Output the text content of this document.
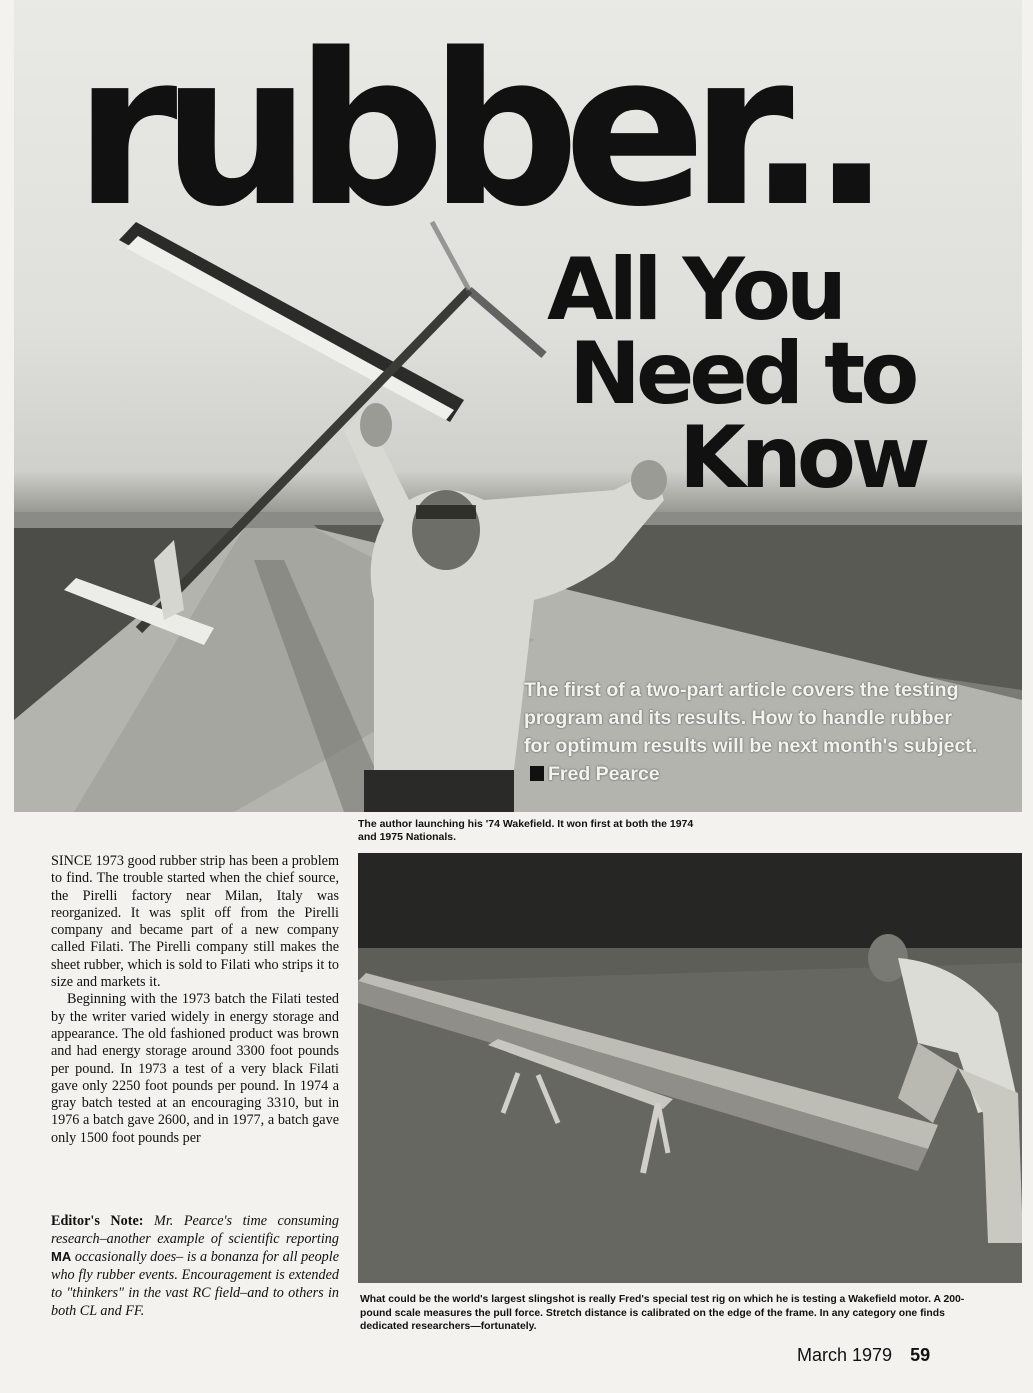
rubber..
All You
Need to
Know
The first of a two-part article covers the testing program and its results. How to handle rubber for optimum results will be next month's subject.Fred Pearce
The author launching his '74 Wakefield. It won first at both the 1974 and 1975 Nationals.

SINCE 1973 good rubber strip has been a problem to find. The trouble started when the chief source, the Pirelli factory near Milan, Italy was reorganized. It was split off from the Pirelli company and became part of a new company called Filati. The Pirelli company still makes the sheet rubber, which is sold to Filati who strips it to size and markets it.

Beginning with the 1973 batch the Filati tested by the writer varied widely in energy storage and appearance. The old fashioned product was brown and had energy storage around 3300 foot pounds per pound. In 1973 a test of a very black Filati gave only 2250 foot pounds per pound. In 1974 a gray batch tested at an encouraging 3310, but in 1976 a batch gave 2600, and in 1977, a batch gave only 1500 foot pounds per

Editor's Note: Mr. Pearce's time consuming research–another example of scientific reporting MA occasionally does– is a bonanza for all people who fly rubber events. Encouragement is extended to "thinkers" in the vast RC field–and to others in both CL and FF.
What could be the world's largest slingshot is really Fred's special test rig on which he is testing a Wakefield motor. A 200-pound scale measures the pull force. Stretch distance is calibrated on the edge of the frame. In any category one finds dedicated researchers—fortunately.
March 1979 59
